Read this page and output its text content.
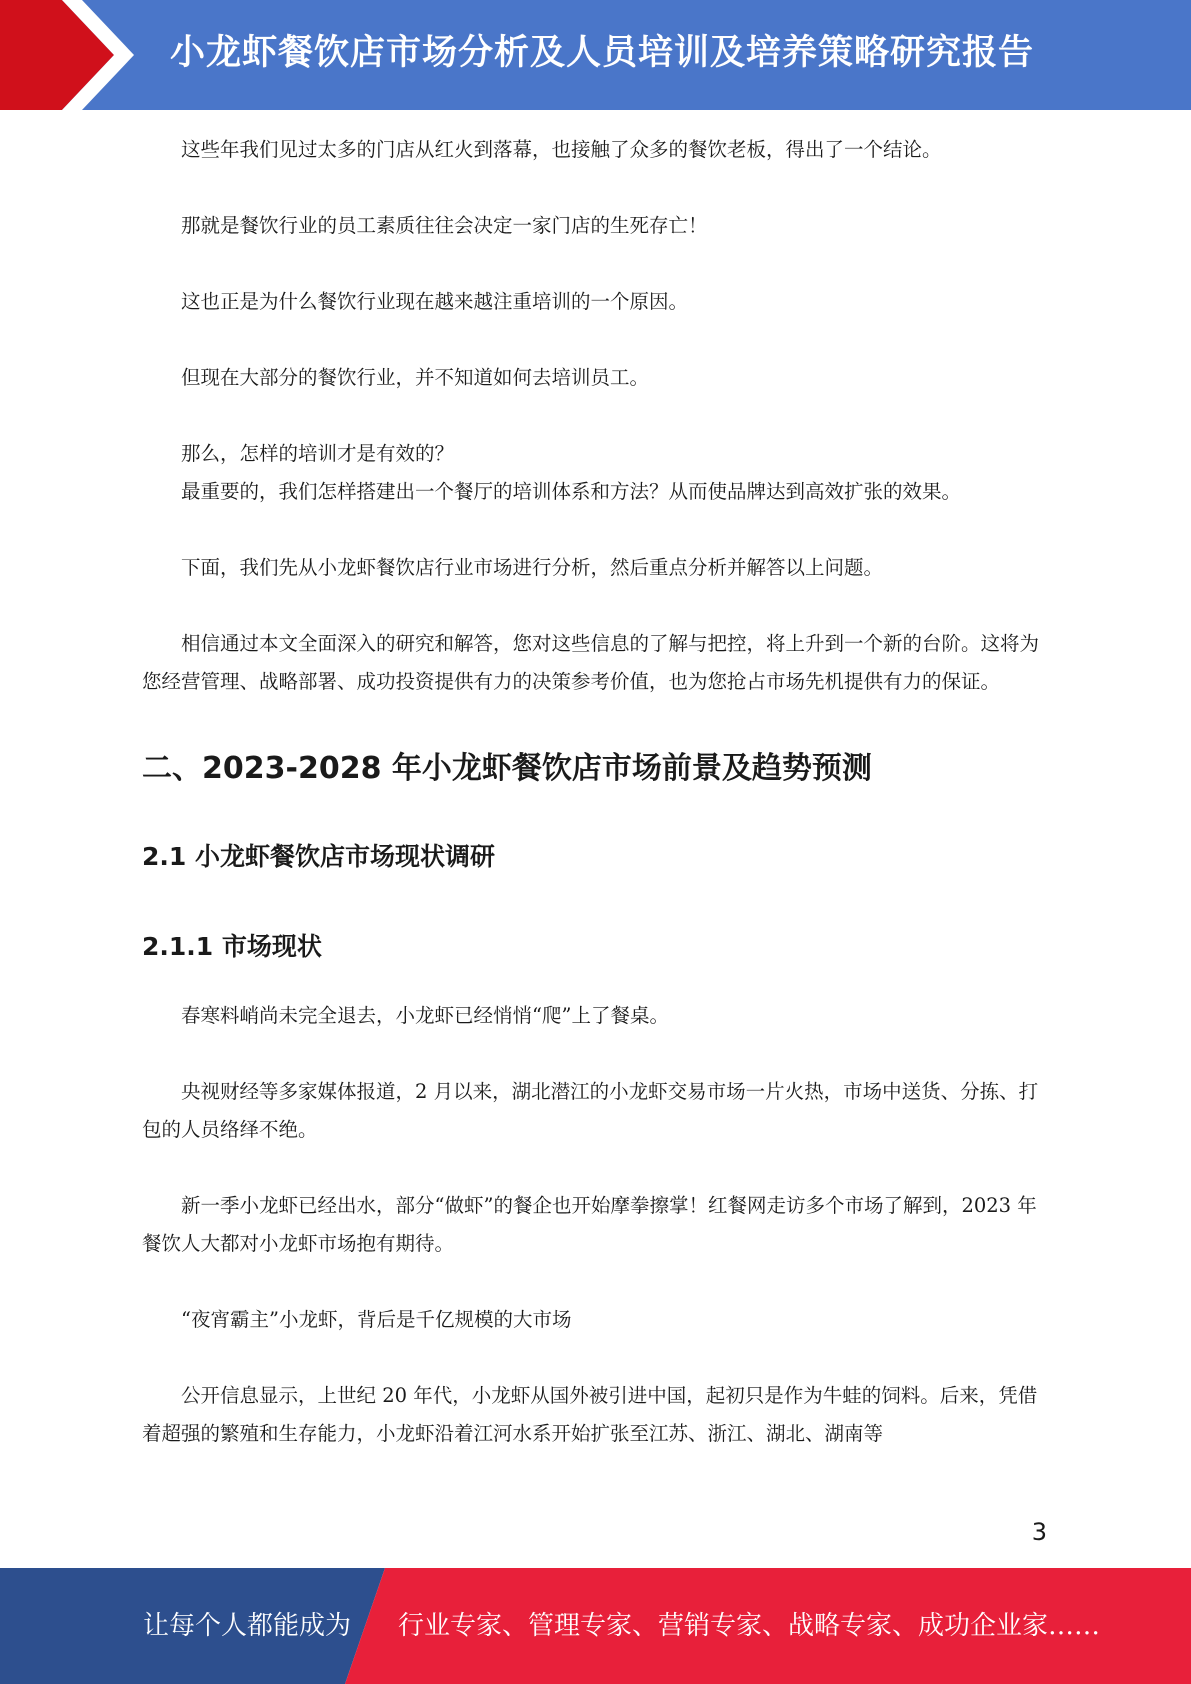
小龙虾餐饮店市场分析及人员培训及培养策略研究报告

这些年我们见过太多的门店从红火到落幕，也接触了众多的餐饮老板，得出了一个结论。

那就是餐饮行业的员工素质往往会决定一家门店的生死存亡！

这也正是为什么餐饮行业现在越来越注重培训的一个原因。

但现在大部分的餐饮行业，并不知道如何去培训员工。

那么，怎样的培训才是有效的？

最重要的，我们怎样搭建出一个餐厅的培训体系和方法？从而使品牌达到高效扩张的效果。

下面，我们先从小龙虾餐饮店行业市场进行分析，然后重点分析并解答以上问题。

相信通过本文全面深入的研究和解答，您对这些信息的了解与把控，将上升到一个新的台阶。这将为您经营管理、战略部署、成功投资提供有力的决策参考价值，也为您抢占市场先机提供有力的保证。

二、2023-2028 年小龙虾餐饮店市场前景及趋势预测
2.1 小龙虾餐饮店市场现状调研
2.1.1 市场现状

春寒料峭尚未完全退去，小龙虾已经悄悄“爬”上了餐桌。

央视财经等多家媒体报道，2 月以来，湖北潜江的小龙虾交易市场一片火热，市场中送货、分拣、打包的人员络绎不绝。

新一季小龙虾已经出水，部分“做虾”的餐企也开始摩拳擦掌！红餐网走访多个市场了解到，2023 年餐饮人大都对小龙虾市场抱有期待。

“夜宵霸主”小龙虾，背后是千亿规模的大市场

公开信息显示，上世纪 20 年代，小龙虾从国外被引进中国，起初只是作为牛蛙的饲料。后来，凭借着超强的繁殖和生存能力，小龙虾沿着江河水系开始扩张至江苏、浙江、湖北、湖南等

3
让每个人都能成为 行业专家、管理专家、营销专家、战略专家、成功企业家……
